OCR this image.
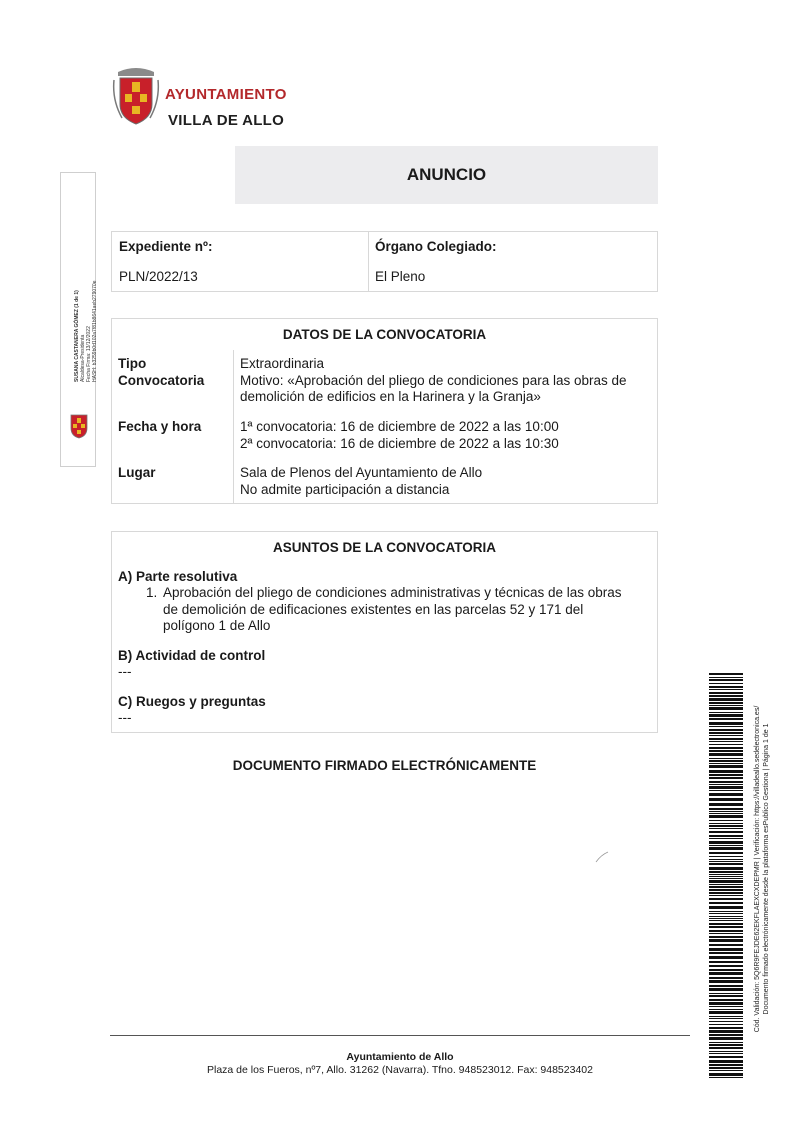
AYUNTAMIENTO
VILLA DE ALLO
ANUNCIO
Expediente nº:
PLN/2022/13
Órgano Colegiado:
El Pleno
DATOS DE LA CONVOCATORIA
Tipo
Convocatoria
Extraordinaria
Motivo: «Aprobación del pliego de condiciones para las obras de
demolición de edificios en la Harinera y la Granja»
Fecha y hora	1ª convocatoria: 16 de diciembre de 2022 a las 10:00
2ª convocatoria: 16 de diciembre de 2022 a las 10:30
Lugar	Sala de Plenos del Ayuntamiento de Allo
No admite participación a distancia
ASUNTOS DE LA CONVOCATORIA
A) Parte resolutiva
1. Aprobación del pliego de condiciones administrativas y técnicas de las obras
de demolición de edificaciones existentes en las parcelas 52 y 171 del
polígono 1 de Allo
B) Actividad de control
---
C) Ruegos y preguntas
---
DOCUMENTO FIRMADO ELECTRÓNICAMENTE
Ayuntamiento de Allo
Plaza de los Fueros, nº7, Allo. 31262 (Navarra). Tfno. 948523012. Fax: 948523402
SUSANA CASTANERA GÓMEZ (1 de 1) Alcaldesa-Presidenta Fecha Firma: 13/12/2022 HASH: b3259b0d102a7f81b8641aeb279070e
Cód. Validación: 5Q6R9FEJDE62EKFLAEXCXDEPMR | Verificación: https://villadeallo.sedelectronica.es/ Documento firmado electrónicamente desde la plataforma esPublico Gestiona | Página 1 de 1
